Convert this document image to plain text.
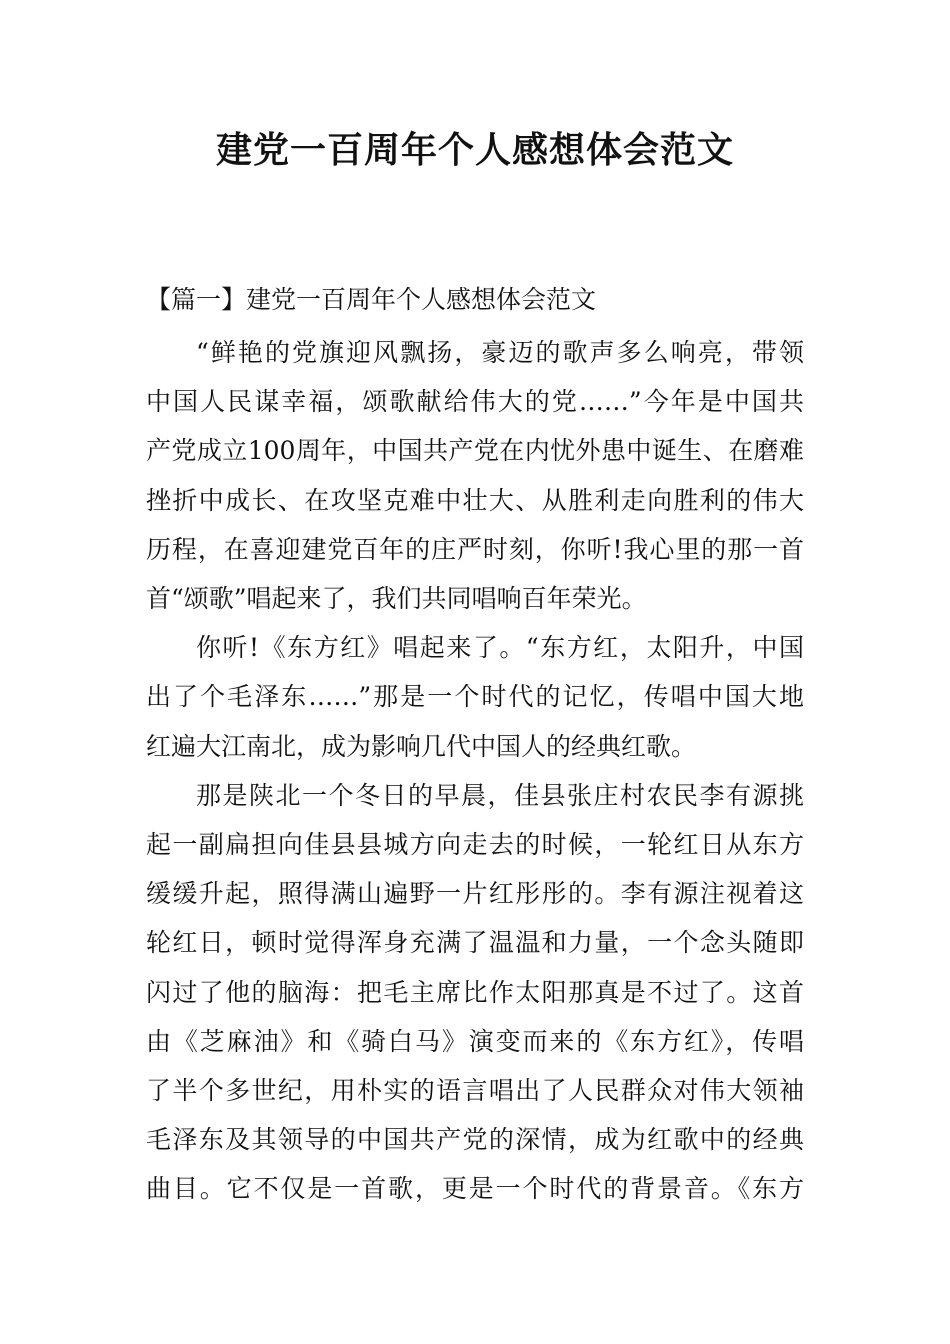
建党一百周年个人感想体会范文

【篇一】建党一百周年个人感想体会范文

“鲜艳的党旗迎风飘扬，豪迈的歌声多么响亮，带领
中国人民谋幸福，颂歌献给伟大的党……”今年是中国共
产党成立100周年，中国共产党在内忧外患中诞生、在磨难
挫折中成长、在攻坚克难中壮大、从胜利走向胜利的伟大
历程，在喜迎建党百年的庄严时刻，你听!我心里的那一首
首“颂歌”唱起来了，我们共同唱响百年荣光。
你听!《东方红》唱起来了。“东方红，太阳升，中国
出了个毛泽东……”那是一个时代的记忆，传唱中国大地
红遍大江南北，成为影响几代中国人的经典红歌。
那是陕北一个冬日的早晨，佳县张庄村农民李有源挑
起一副扁担向佳县县城方向走去的时候，一轮红日从东方
缓缓升起，照得满山遍野一片红彤彤的。李有源注视着这
轮红日，顿时觉得浑身充满了温温和力量，一个念头随即
闪过了他的脑海：把毛主席比作太阳那真是不过了。这首
由《芝麻油》和《骑白马》演变而来的《东方红》，传唱
了半个多世纪，用朴实的语言唱出了人民群众对伟大领袖
毛泽东及其领导的中国共产党的深情，成为红歌中的经典
曲目。它不仅是一首歌，更是一个时代的背景音。《东方
